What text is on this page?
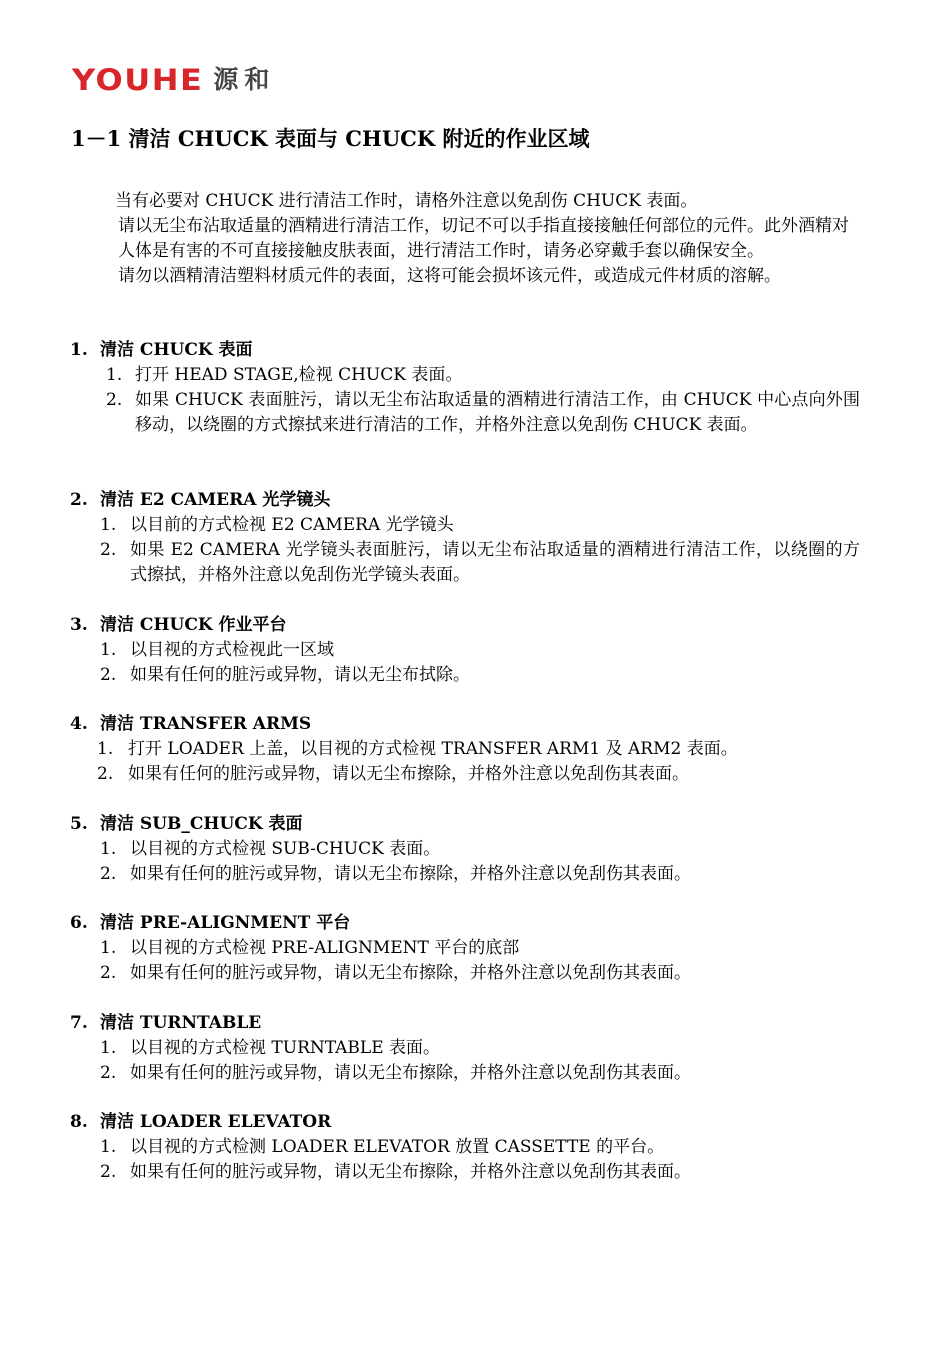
YOUHE 源和
1－1 清洁 CHUCK 表面与 CHUCK 附近的作业区域

当有必要对 CHUCK 进行清洁工作时，请格外注意以免刮伤 CHUCK 表面。

请以无尘布沾取适量的酒精进行清洁工作，切记不可以手指直接接触任何部位的元件。此外酒精对人体是有害的不可直接接触皮肤表面，进行清洁工作时，请务必穿戴手套以确保安全。

请勿以酒精清洁塑料材质元件的表面，这将可能会损坏该元件，或造成元件材质的溶解。

1. 清洁 CHUCK 表面
1. 打开 HEAD STAGE,检视 CHUCK 表面。
2. 如果 CHUCK 表面脏污，请以无尘布沾取适量的酒精进行清洁工作，由 CHUCK 中心点向外围移动，以绕圈的方式擦拭来进行清洁的工作，并格外注意以免刮伤 CHUCK 表面。
2. 清洁 E2 CAMERA 光学镜头
1. 以目前的方式检视 E2 CAMERA 光学镜头
2. 如果 E2 CAMERA 光学镜头表面脏污，请以无尘布沾取适量的酒精进行清洁工作，以绕圈的方式擦拭，并格外注意以免刮伤光学镜头表面。
3. 清洁 CHUCK 作业平台
1. 以目视的方式检视此一区域
2. 如果有任何的脏污或异物，请以无尘布拭除。
4. 清洁 TRANSFER ARMS
1. 打开 LOADER 上盖，以目视的方式检视 TRANSFER ARM1 及 ARM2 表面。
2. 如果有任何的脏污或异物，请以无尘布擦除，并格外注意以免刮伤其表面。
5. 清洁 SUB_CHUCK 表面
1. 以目视的方式检视 SUB-CHUCK 表面。
2. 如果有任何的脏污或异物，请以无尘布擦除，并格外注意以免刮伤其表面。
6. 清洁 PRE-ALIGNMENT 平台
1. 以目视的方式检视 PRE-ALIGNMENT 平台的底部
2. 如果有任何的脏污或异物，请以无尘布擦除，并格外注意以免刮伤其表面。
7. 清洁 TURNTABLE
1. 以目视的方式检视 TURNTABLE 表面。
2. 如果有任何的脏污或异物，请以无尘布擦除，并格外注意以免刮伤其表面。
8. 清洁 LOADER ELEVATOR
1. 以目视的方式检测 LOADER ELEVATOR 放置 CASSETTE 的平台。
2. 如果有任何的脏污或异物，请以无尘布擦除，并格外注意以免刮伤其表面。
